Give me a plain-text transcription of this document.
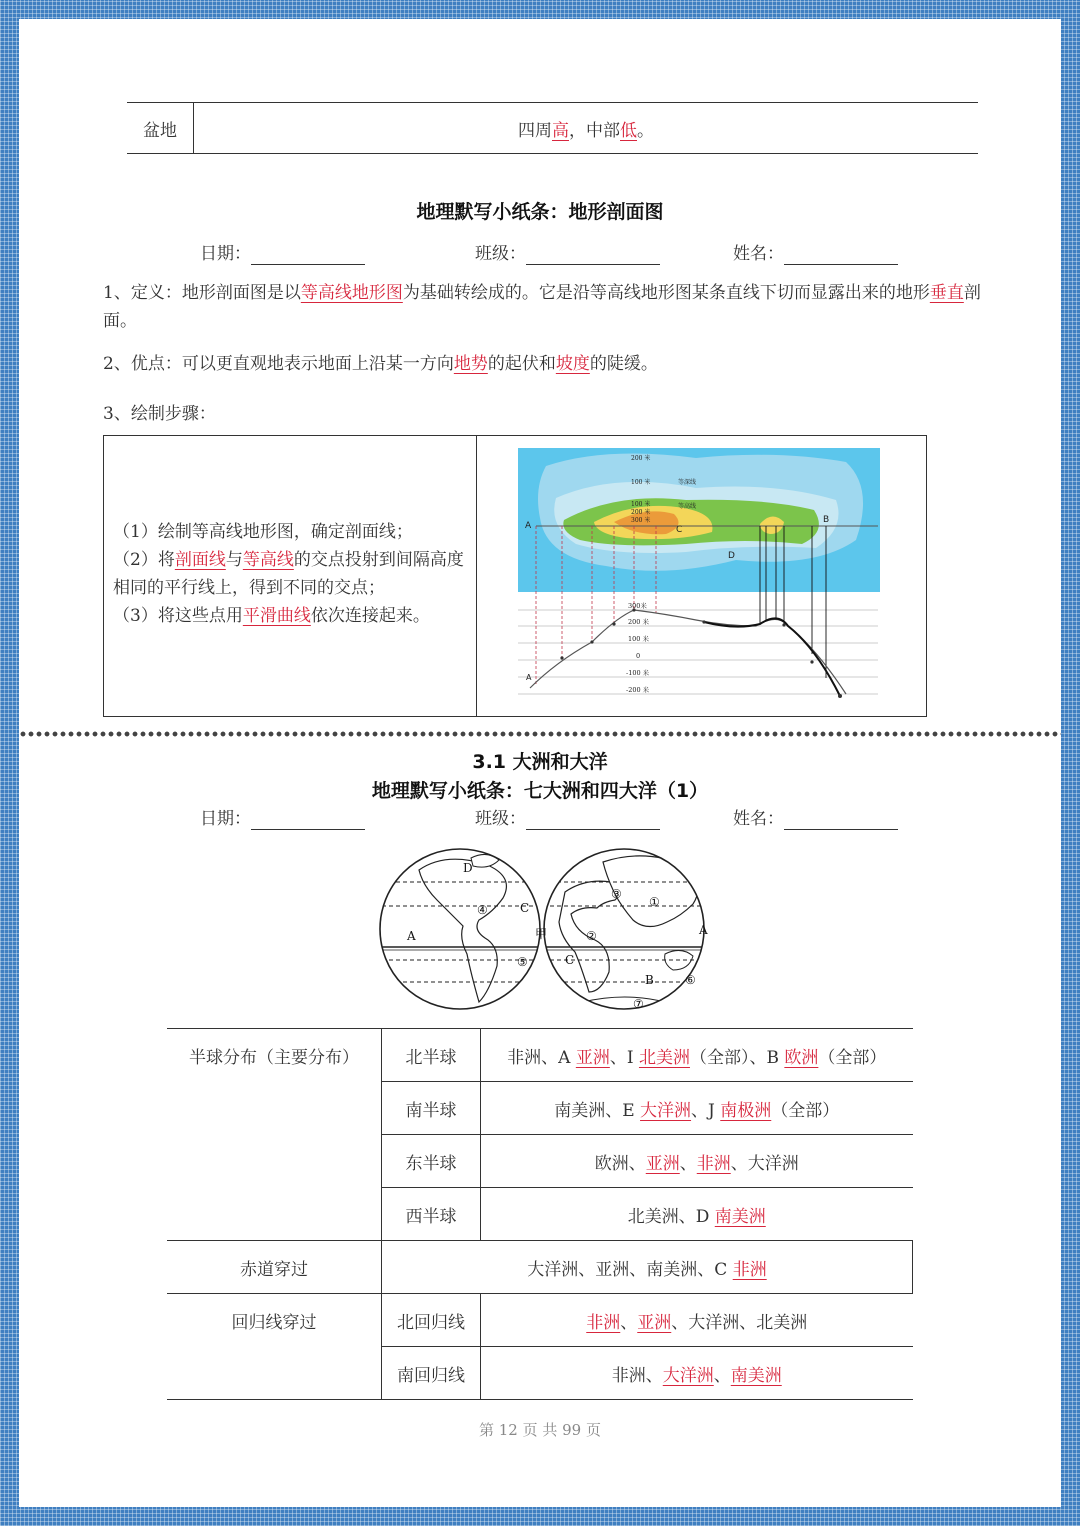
盆地	四周高，中部低。
地理默写小纸条：地形剖面图
日期：	班级：	姓名：
1、定义：地形剖面图是以等高线地形图为基础转绘成的。它是沿等高线地形图某条直线下切而显露出来的地形垂直剖面。
2、优点：可以更直观地表示地面上沿某一方向地势的起伏和坡度的陡缓。
3、绘制步骤：
（1）绘制等高线地形图，确定剖面线；
（2）将剖面线与等高线的交点投射到间隔高度相同的平行线上，得到不同的交点；
（3）将这些点用平滑曲线依次连接起来。
200 米
100 米	等深线
100 米
200 米
300 米
等高线
C
D
A
B
300米
200 米
100 米
0
-100 米
-200 米
A
3.1 大洲和大洋
地理默写小纸条：七大洲和四大洋（1）
日期：	班级：	姓名：
D
C
④
A	甲
⑤	C
②
③
①
A
B	⑥
⑦
半球分布（主要分布）	北半球	非洲、A 亚洲、I 北美洲（全部）、B 欧洲（全部）
	南半球	南美洲、E 大洋洲、J 南极洲（全部）
	东半球	欧洲、亚洲、非洲、大洋洲
	西半球	北美洲、D 南美洲
赤道穿过	大洋洲、亚洲、南美洲、C 非洲	
回归线穿过	北回归线	非洲、亚洲、大洋洲、北美洲
	南回归线	非洲、大洋洲、南美洲
第 12 页 共 99 页
